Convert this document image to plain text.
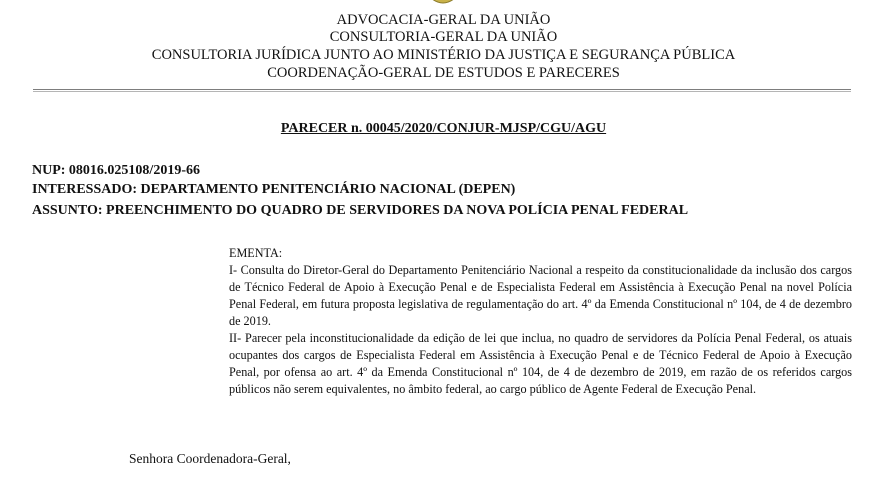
ADVOCACIA-GERAL DA UNIÃO
CONSULTORIA-GERAL DA UNIÃO
CONSULTORIA JURÍDICA JUNTO AO MINISTÉRIO DA JUSTIÇA E SEGURANÇA PÚBLICA
COORDENAÇÃO-GERAL DE ESTUDOS E PARECERES
PARECER n. 00045/2020/CONJUR-MJSP/CGU/AGU
NUP: 08016.025108/2019-66
INTERESSADO: DEPARTAMENTO PENITENCIÁRIO NACIONAL (DEPEN)
ASSUNTO: PREENCHIMENTO DO QUADRO DE SERVIDORES DA NOVA POLÍCIA PENAL FEDERAL

EMENTA:

I- Consulta do Diretor-Geral do Departamento Penitenciário Nacional a respeito da constitucionalidade da inclusão dos cargos de Técnico Federal de Apoio à Execução Penal e de Especialista Federal em Assistência à Execução Penal na novel Polícia Penal Federal, em futura proposta legislativa de regulamentação do art. 4º da Emenda Constitucional nº 104, de 4 de dezembro de 2019.

II- Parecer pela inconstitucionalidade da edição de lei que inclua, no quadro de servidores da Polícia Penal Federal, os atuais ocupantes dos cargos de Especialista Federal em Assistência à Execução Penal e de Técnico Federal de Apoio à Execução Penal, por ofensa ao art. 4º da Emenda Constitucional nº 104, de 4 de dezembro de 2019, em razão de os referidos cargos públicos não serem equivalentes, no âmbito federal, ao cargo público de Agente Federal de Execução Penal.

Senhora Coordenadora-Geral,
